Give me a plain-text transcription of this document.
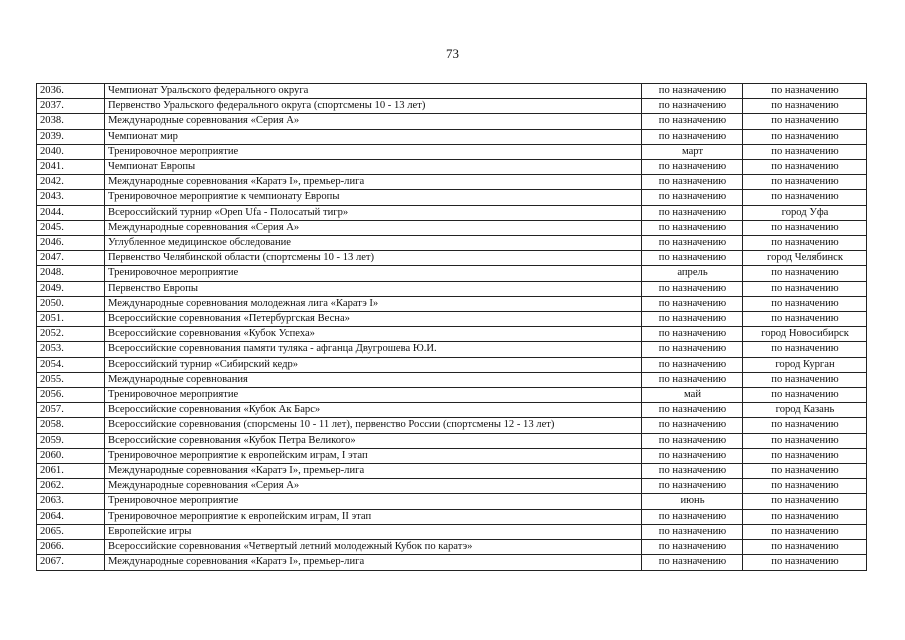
73
2036.	Чемпионат Уральского федерального округа	по назначению	по назначению
2037.	Первенство Уральского федерального округа (спортсмены 10 - 13 лет)	по назначению	по назначению
2038.	Международные соревнования «Серия А»	по назначению	по назначению
2039.	Чемпионат мир	по назначению	по назначению
2040.	Тренировочное мероприятие	март	по назначению
2041.	Чемпионат Европы	по назначению	по назначению
2042.	Международные соревнования «Каратэ I», премьер-лига	по назначению	по назначению
2043.	Тренировочное мероприятие к чемпионату Европы	по назначению	по назначению
2044.	Всероссийский турнир «Open Ufa - Полосатый тигр»	по назначению	город Уфа
2045.	Международные соревнования «Серия А»	по назначению	по назначению
2046.	Углубленное медицинское обследование	по назначению	по назначению
2047.	Первенство Челябинской области (спортсмены 10 - 13 лет)	по назначению	город Челябинск
2048.	Тренировочное мероприятие	апрель	по назначению
2049.	Первенство Европы	по назначению	по назначению
2050.	Международные соревнования молодежная лига «Каратэ I»	по назначению	по назначению
2051.	Всероссийские соревнования «Петербургская Весна»	по назначению	по назначению
2052.	Всероссийские соревнования «Кубок Успеха»	по назначению	город Новосибирск
2053.	Всероссийские соревнования памяти туляка - афганца Двугрошева Ю.И.	по назначению	по назначению
2054.	Всероссийский турнир «Сибирский кедр»	по назначению	город Курган
2055.	Международные соревнования	по назначению	по назначению
2056.	Тренировочное мероприятие	май	по назначению
2057.	Всероссийские соревнования «Кубок Ак Барс»	по назначению	город Казань
2058.	Всероссийские соревнования (спорсмены 10 - 11 лет), первенство России (спортсмены 12 - 13 лет)	по назначению	по назначению
2059.	Всероссийские соревнования «Кубок Петра Великого»	по назначению	по назначению
2060.	Тренировочное мероприятие к европейским играм, I этап	по назначению	по назначению
2061.	Международные соревнования «Каратэ I», премьер-лига	по назначению	по назначению
2062.	Международные соревнования «Серия А»	по назначению	по назначению
2063.	Тренировочное мероприятие	июнь	по назначению
2064.	Тренировочное мероприятие к европейским играм, II этап	по назначению	по назначению
2065.	Европейские игры	по назначению	по назначению
2066.	Всероссийские соревнования «Четвертый летний молодежный Кубок по каратэ»	по назначению	по назначению
2067.	Международные соревнования «Каратэ I», премьер-лига	по назначению	по назначению
